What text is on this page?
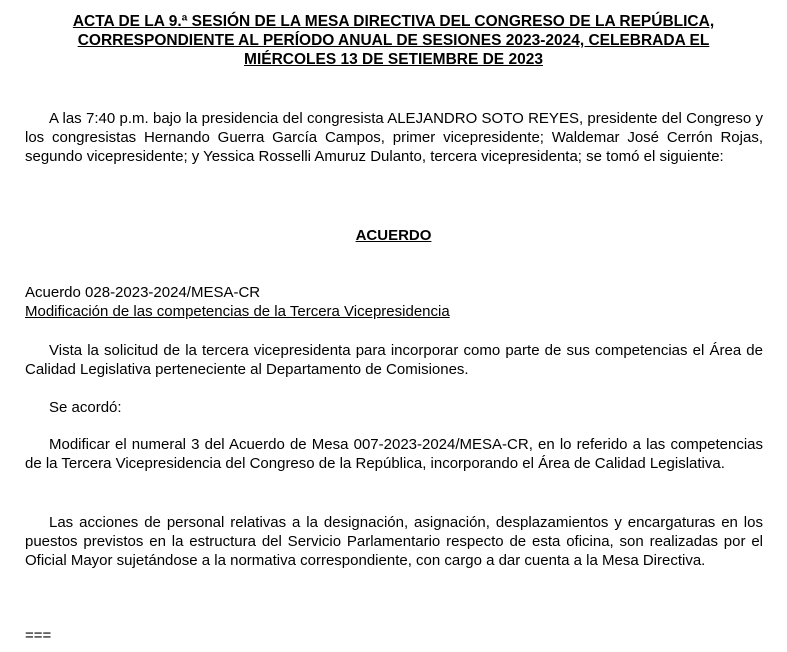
ACTA DE LA 9.ª SESIÓN DE LA MESA DIRECTIVA DEL CONGRESO DE LA REPÚBLICA,
CORRESPONDIENTE AL PERÍODO ANUAL DE SESIONES 2023-2024, CELEBRADA EL
MIÉRCOLES 13 DE SETIEMBRE DE 2023

A las 7:40 p.m. bajo la presidencia del congresista ALEJANDRO SOTO REYES, presidente del Congreso y los congresistas Hernando Guerra García Campos, primer vicepresidente; Waldemar José Cerrón Rojas, segundo vicepresidente; y Yessica Rosselli Amuruz Dulanto, tercera vicepresidenta; se tomó el siguiente:

ACUERDO
Acuerdo 028-2023-2024/MESA-CR
Modificación de las competencias de la Tercera Vicepresidencia

Vista la solicitud de la tercera vicepresidenta para incorporar como parte de sus competencias el Área de Calidad Legislativa perteneciente al Departamento de Comisiones.

Se acordó:

Modificar el numeral 3 del Acuerdo de Mesa 007-2023-2024/MESA-CR, en lo referido a las competencias de la Tercera Vicepresidencia del Congreso de la República, incorporando el Área de Calidad Legislativa.

Las acciones de personal relativas a la designación, asignación, desplazamientos y encargaturas en los puestos previstos en la estructura del Servicio Parlamentario respecto de esta oficina, son realizadas por el Oficial Mayor sujetándose a la normativa correspondiente, con cargo a dar cuenta a la Mesa Directiva.

===
